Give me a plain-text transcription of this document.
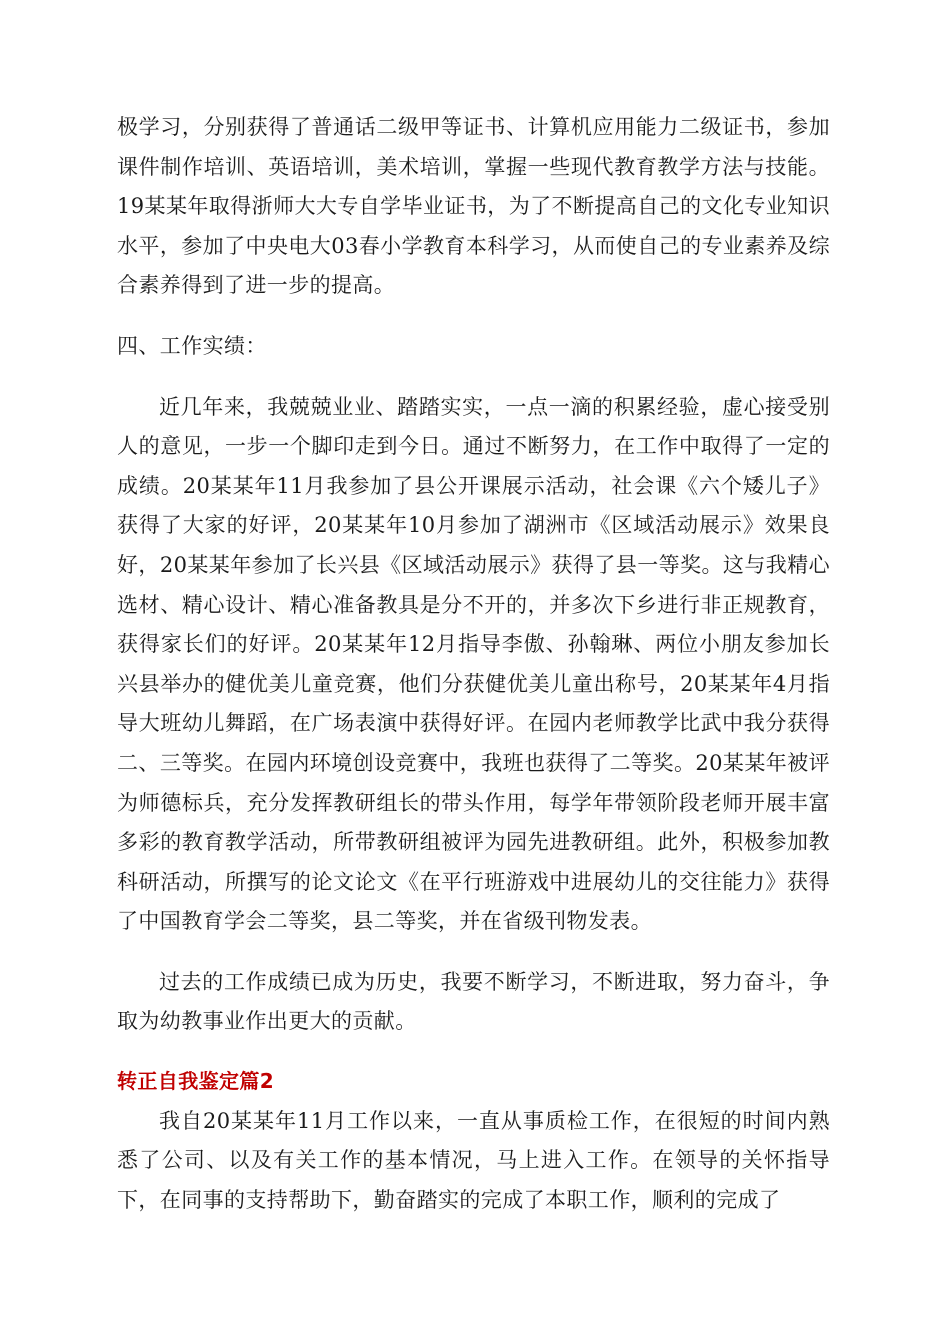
极学习，分别获得了普通话二级甲等证书、计算机应用能力二级证书，参加课件制作培训、英语培训，美术培训，掌握一些现代教育教学方法与技能。19某某年取得浙师大大专自学毕业证书，为了不断提高自己的文化专业知识水平，参加了中央电大03春小学教育本科学习，从而使自己的专业素养及综合素养得到了进一步的提高。

四、工作实绩：

近几年来，我兢兢业业、踏踏实实，一点一滴的积累经验，虚心接受别人的意见，一步一个脚印走到今日。通过不断努力，在工作中取得了一定的成绩。20某某年11月我参加了县公开课展示活动，社会课《六个矮儿子》获得了大家的好评，20某某年10月参加了湖洲市《区域活动展示》效果良好，20某某年参加了长兴县《区域活动展示》获得了县一等奖。这与我精心选材、精心设计、精心准备教具是分不开的，并多次下乡进行非正规教育，获得家长们的好评。20某某年12月指导李傲、孙翰琳、两位小朋友参加长兴县举办的健优美儿童竞赛，他们分获健优美儿童出称号，20某某年4月指导大班幼儿舞蹈，在广场表演中获得好评。在园内老师教学比武中我分获得二、三等奖。在园内环境创设竞赛中，我班也获得了二等奖。20某某年被评为师德标兵，充分发挥教研组长的带头作用，每学年带领阶段老师开展丰富多彩的教育教学活动，所带教研组被评为园先进教研组。此外，积极参加教科研活动，所撰写的论文论文《在平行班游戏中进展幼儿的交往能力》获得了中国教育学会二等奖，县二等奖，并在省级刊物发表。

过去的工作成绩已成为历史，我要不断学习，不断进取，努力奋斗，争取为幼教事业作出更大的贡献。

转正自我鉴定篇2

我自20某某年11月工作以来，一直从事质检工作，在很短的时间内熟悉了公司、以及有关工作的基本情况，马上进入工作。在领导的关怀指导下，在同事的支持帮助下，勤奋踏实的完成了本职工作，顺利的完成了
